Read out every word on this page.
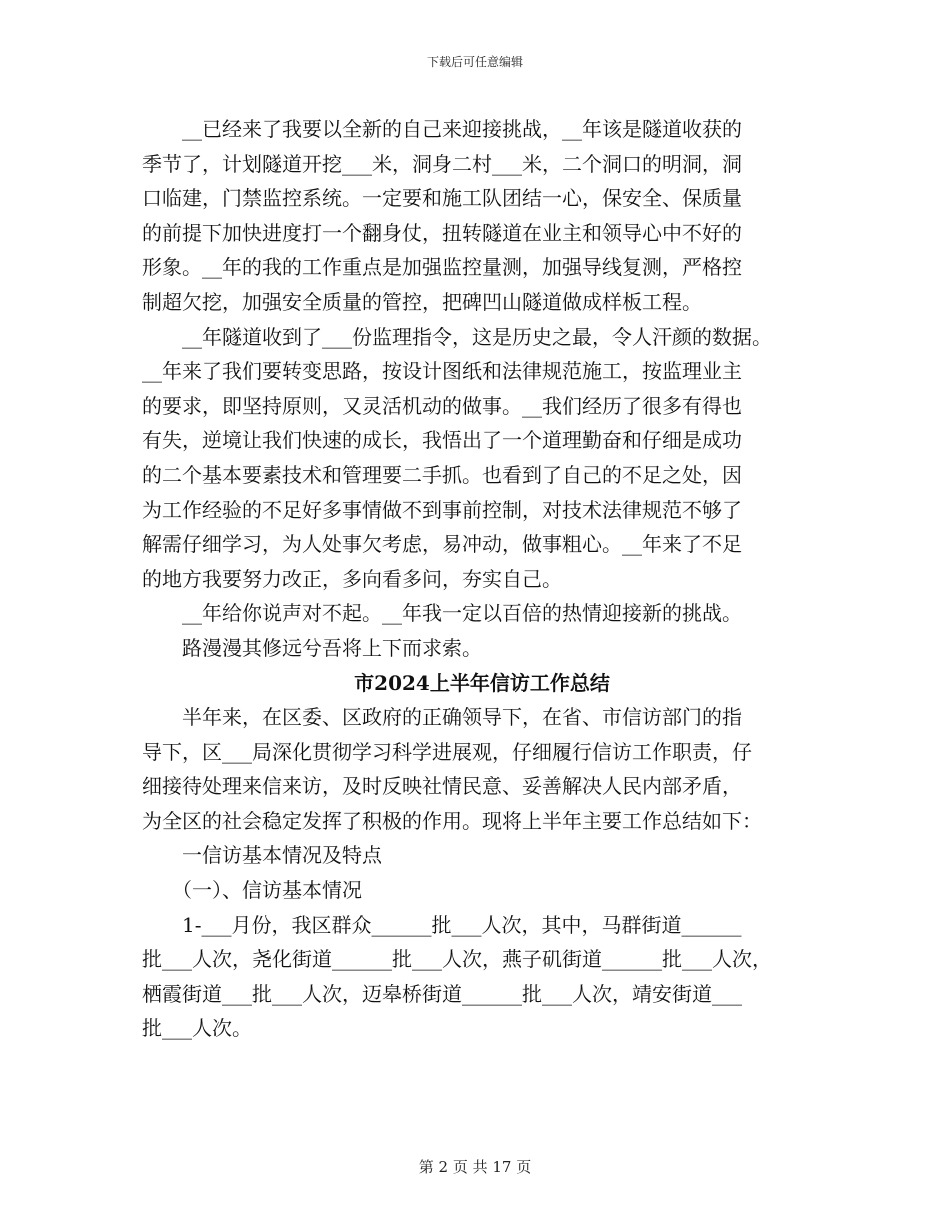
下载后可任意编辑
　　__已经来了我要以全新的自己来迎接挑战，__年该是隧道收获的
季节了，计划隧道开挖___米，洞身二村___米，二个洞口的明洞，洞
口临建，门禁监控系统。一定要和施工队团结一心，保安全、保质量
的前提下加快进度打一个翻身仗，扭转隧道在业主和领导心中不好的
形象。__年的我的工作重点是加强监控量测，加强导线复测，严格控
制超欠挖，加强安全质量的管控，把碑凹山隧道做成样板工程。
　　__年隧道收到了___份监理指令，这是历史之最，令人汗颜的数据。
__年来了我们要转变思路，按设计图纸和法律规范施工，按监理业主
的要求，即坚持原则，又灵活机动的做事。__我们经历了很多有得也
有失，逆境让我们快速的成长，我悟出了一个道理勤奋和仔细是成功
的二个基本要素技术和管理要二手抓。也看到了自己的不足之处，因
为工作经验的不足好多事情做不到事前控制，对技术法律规范不够了
解需仔细学习，为人处事欠考虑，易冲动，做事粗心。__年来了不足
的地方我要努力改正，多向看多问，夯实自己。
　　__年给你说声对不起。__年我一定以百倍的热情迎接新的挑战。
　　路漫漫其修远兮吾将上下而求索。
市2024上半年信访工作总结
　　半年来，在区委、区政府的正确领导下，在省、市信访部门的指
导下，区___局深化贯彻学习科学进展观，仔细履行信访工作职责，仔
细接待处理来信来访，及时反映社情民意、妥善解决人民内部矛盾，
为全区的社会稳定发挥了积极的作用。现将上半年主要工作总结如下：
　　一信访基本情况及特点
　　（一）、信访基本情况
　　1-___月份，我区群众______批___人次，其中，马群街道______
批___人次，尧化街道______批___人次，燕子矶街道______批___人次，
栖霞街道___批___人次，迈皋桥街道______批___人次，靖安街道___
批___人次。
第 2 页 共 17 页
